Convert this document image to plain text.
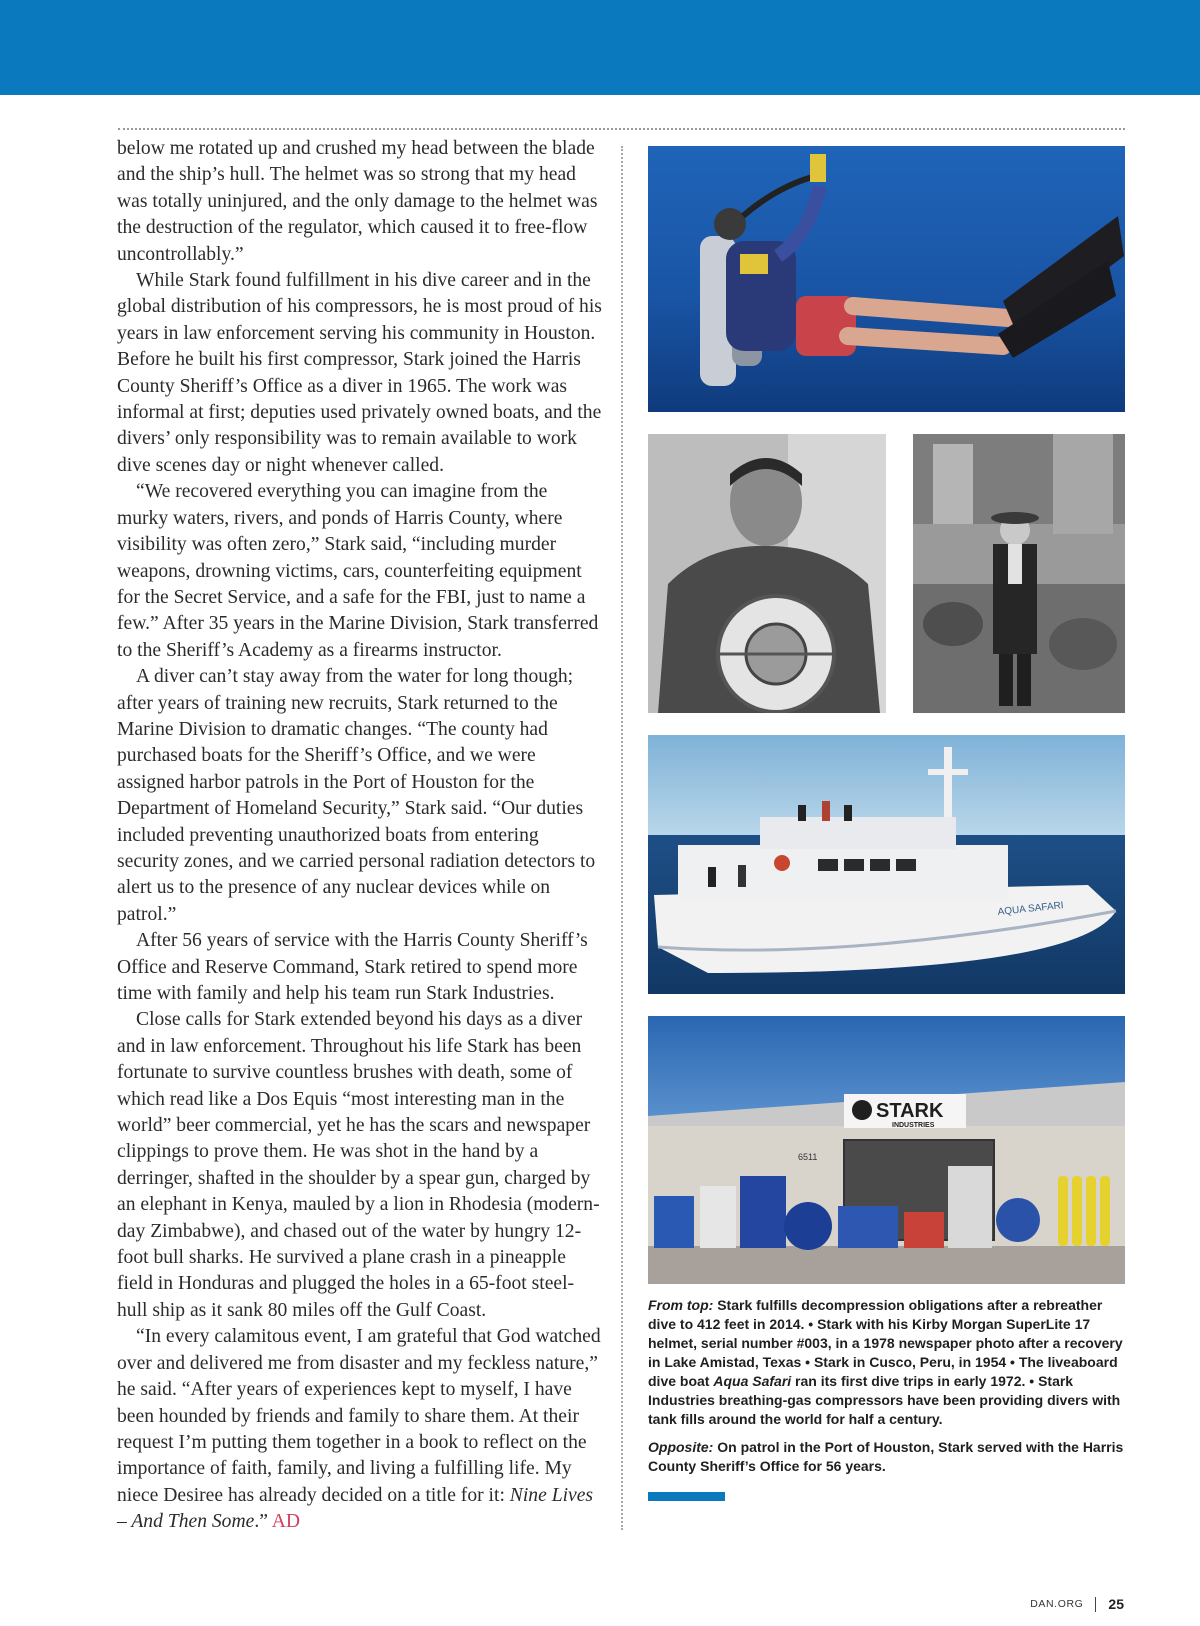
below me rotated up and crushed my head between the blade and the ship’s hull. The helmet was so strong that my head was totally uninjured, and the only damage to the helmet was the destruction of the regulator, which caused it to free-flow uncontrollably.”

While Stark found fulfillment in his dive career and in the global distribution of his compressors, he is most proud of his years in law enforcement serving his community in Houston. Before he built his first compressor, Stark joined the Harris County Sheriff’s Office as a diver in 1965. The work was informal at first; deputies used privately owned boats, and the divers’ only responsibility was to remain available to work dive scenes day or night whenever called.

“We recovered everything you can imagine from the murky waters, rivers, and ponds of Harris County, where visibility was often zero,” Stark said, “including murder weapons, drowning victims, cars, counterfeiting equipment for the Secret Service, and a safe for the FBI, just to name a few.” After 35 years in the Marine Division, Stark transferred to the Sheriff’s Academy as a firearms instructor.

A diver can’t stay away from the water for long though; after years of training new recruits, Stark returned to the Marine Division to dramatic changes. “The county had purchased boats for the Sheriff’s Office, and we were assigned harbor patrols in the Port of Houston for the Department of Homeland Security,” Stark said. “Our duties included preventing unauthorized boats from entering security zones, and we carried personal radiation detectors to alert us to the presence of any nuclear devices while on patrol.”

After 56 years of service with the Harris County Sheriff’s Office and Reserve Command, Stark retired to spend more time with family and help his team run Stark Industries.

Close calls for Stark extended beyond his days as a diver and in law enforcement. Throughout his life Stark has been fortunate to survive countless brushes with death, some of which read like a Dos Equis “most interesting man in the world” beer commercial, yet he has the scars and newspaper clippings to prove them. He was shot in the hand by a derringer, shafted in the shoulder by a spear gun, charged by an elephant in Kenya, mauled by a lion in Rhodesia (modern-day Zimbabwe), and chased out of the water by hungry 12-foot bull sharks. He survived a plane crash in a pineapple field in Honduras and plugged the holes in a 65-foot steel- hull ship as it sank 80 miles off the Gulf Coast.

“In every calamitous event, I am grateful that God watched over and delivered me from disaster and my feckless nature,” he said. “After years of experiences kept to myself, I have been hounded by friends and family to share them. At their request I’m putting them together in a book to reflect on the importance of faith, family, and living a fulfilling life. My niece Desiree has already decided on a title for it: Nine Lives – And Then Some.” AD

AQUA SAFARI
STARK
INDUSTRIES
6511

From top: Stark fulfills decompression obligations after a rebreather dive to 412 feet in 2014. • Stark with his Kirby Morgan SuperLite 17 helmet, serial number #003, in a 1978 newspaper photo after a recovery in Lake Amistad, Texas • Stark in Cusco, Peru, in 1954 • The liveaboard dive boat Aqua Safari ran its first dive trips in early 1972. • Stark Industries breathing-gas compressors have been providing divers with tank fills around the world for half a century.

Opposite: On patrol in the Port of Houston, Stark served with the Harris County Sheriff’s Office for 56 years.

DAN.ORG 25
